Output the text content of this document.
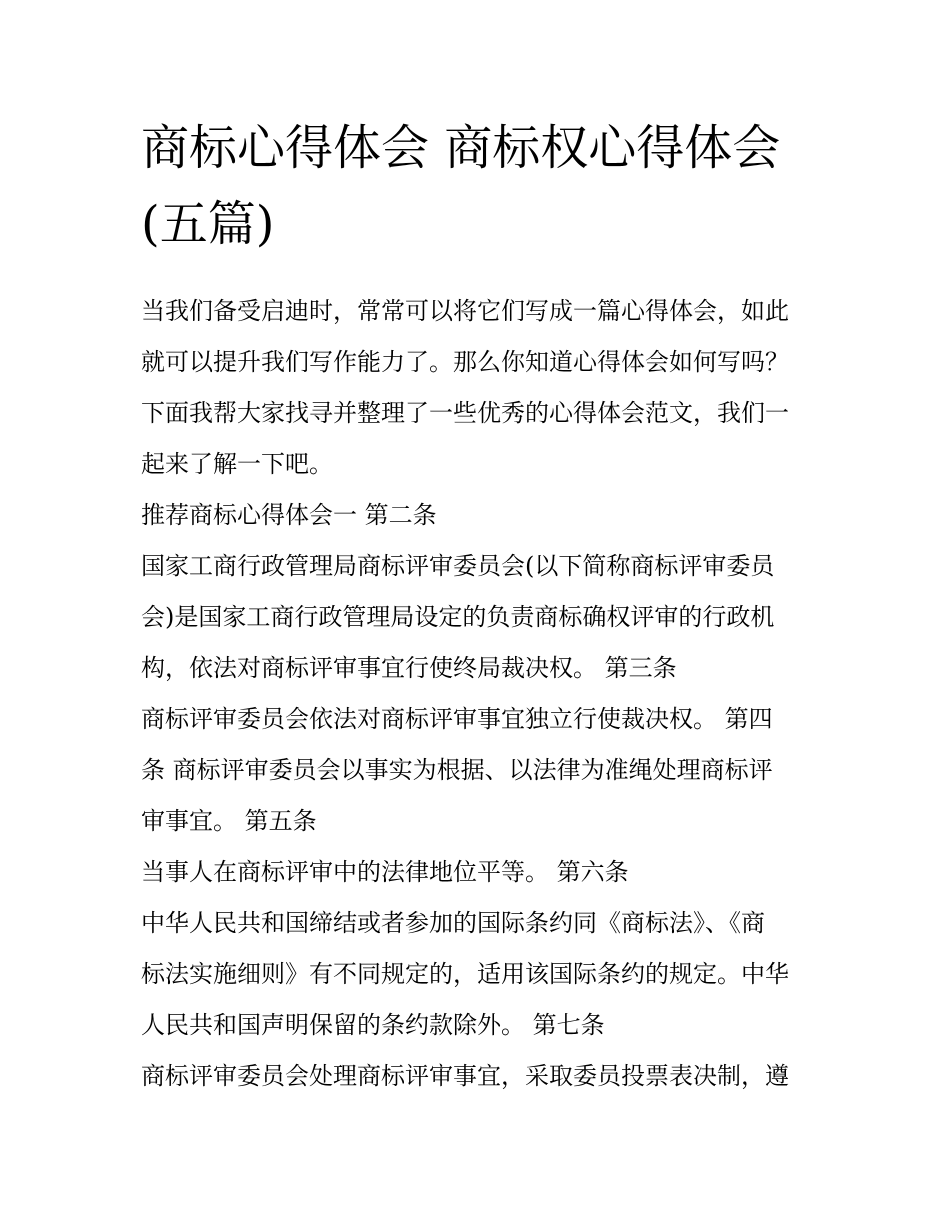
商标心得体会 商标权心得体会
(五篇)
当我们备受启迪时，常常可以将它们写成一篇心得体会，如此
就可以提升我们写作能力了。那么你知道心得体会如何写吗？
下面我帮大家找寻并整理了一些优秀的心得体会范文，我们一
起来了解一下吧。
推荐商标心得体会一 第二条
国家工商行政管理局商标评审委员会(以下简称商标评审委员
会)是国家工商行政管理局设定的负责商标确权评审的行政机
构，依法对商标评审事宜行使终局裁决权。 第三条
商标评审委员会依法对商标评审事宜独立行使裁决权。 第四
条 商标评审委员会以事实为根据、以法律为准绳处理商标评
审事宜。 第五条
当事人在商标评审中的法律地位平等。 第六条
中华人民共和国缔结或者参加的国际条约同《商标法》、《商
标法实施细则》有不同规定的，适用该国际条约的规定。中华
人民共和国声明保留的条约款除外。 第七条
商标评审委员会处理商标评审事宜，采取委员投票表决制，遵
